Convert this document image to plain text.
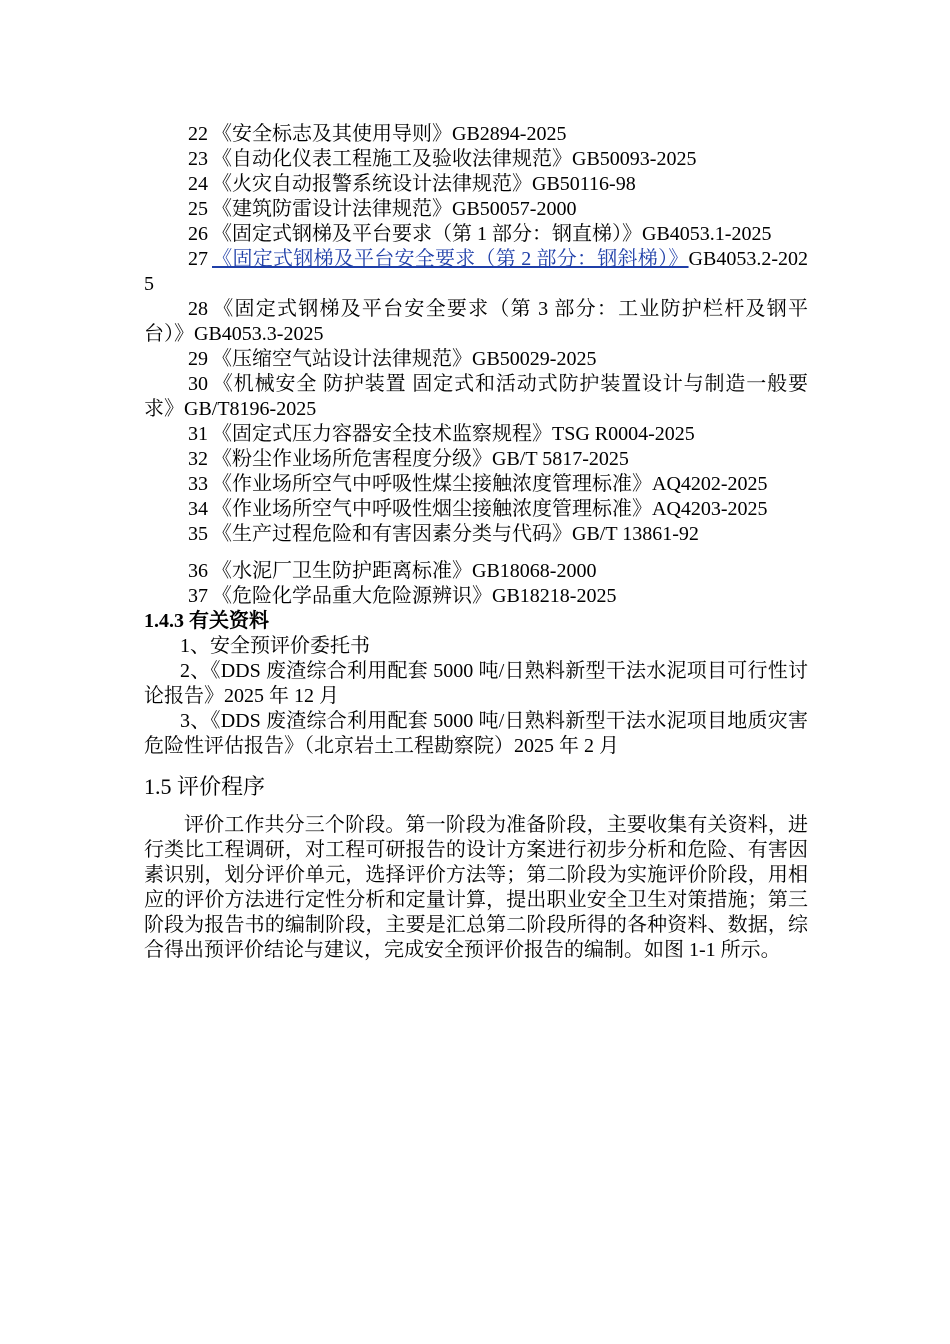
22 《安全标志及其使用导则》GB2894-2025

23 《自动化仪表工程施工及验收法律规范》GB50093-2025

24 《火灾自动报警系统设计法律规范》GB50116-98

25 《建筑防雷设计法律规范》GB50057-2000

26 《固定式钢梯及平台要求（第 1 部分：钢直梯）》GB4053.1-2025

27 《固定式钢梯及平台安全要求（第 2 部分：钢斜梯）》GB4053.2-2025

28 《固定式钢梯及平台安全要求（第 3 部分：工业防护栏杆及钢平台）》GB4053.3-2025

29 《压缩空气站设计法律规范》GB50029-2025

30 《机械安全 防护装置 固定式和活动式防护装置设计与制造一般要求》GB/T8196-2025

31 《固定式压力容器安全技术监察规程》TSG R0004-2025

32 《粉尘作业场所危害程度分级》GB/T 5817-2025

33 《作业场所空气中呼吸性煤尘接触浓度管理标准》AQ4202-2025

34 《作业场所空气中呼吸性烟尘接触浓度管理标准》AQ4203-2025

35 《生产过程危险和有害因素分类与代码》GB/T 13861-92

36 《水泥厂卫生防护距离标准》GB18068-2000

37 《危险化学品重大危险源辨识》GB18218-2025

1.4.3 有关资料

1、安全预评价委托书

2、《DDS 废渣综合利用配套 5000 吨/日熟料新型干法水泥项目可行性讨论报告》2025 年 12 月

3、《DDS 废渣综合利用配套 5000 吨/日熟料新型干法水泥项目地质灾害危险性评估报告》（北京岩土工程勘察院）2025 年 2 月

1.5 评价程序

评价工作共分三个阶段。第一阶段为准备阶段，主要收集有关资料，进行类比工程调研，对工程可研报告的设计方案进行初步分析和危险、有害因素识别，划分评价单元，选择评价方法等；第二阶段为实施评价阶段，用相应的评价方法进行定性分析和定量计算，提出职业安全卫生对策措施；第三阶段为报告书的编制阶段，主要是汇总第二阶段所得的各种资料、数据，综合得出预评价结论与建议，完成安全预评价报告的编制。如图 1-1 所示。
